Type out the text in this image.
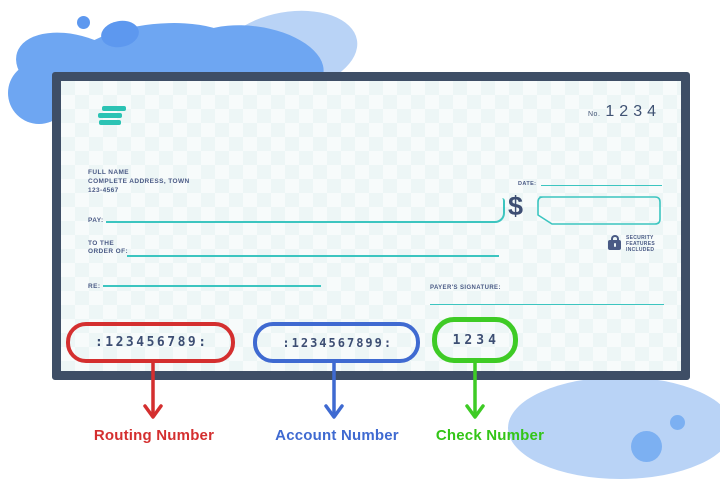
No. 1234
FULL NAME
COMPLETE ADDRESS, TOWN
123-4567
DATE:
PAY:	$
SECURITY
FEATURES
INCLUDED
TO THE
ORDER OF:
RE:	PAYER'S SIGNATURE:
:123456789:
Routing Number
:1234567899:
Account Number
1234
Check Number
